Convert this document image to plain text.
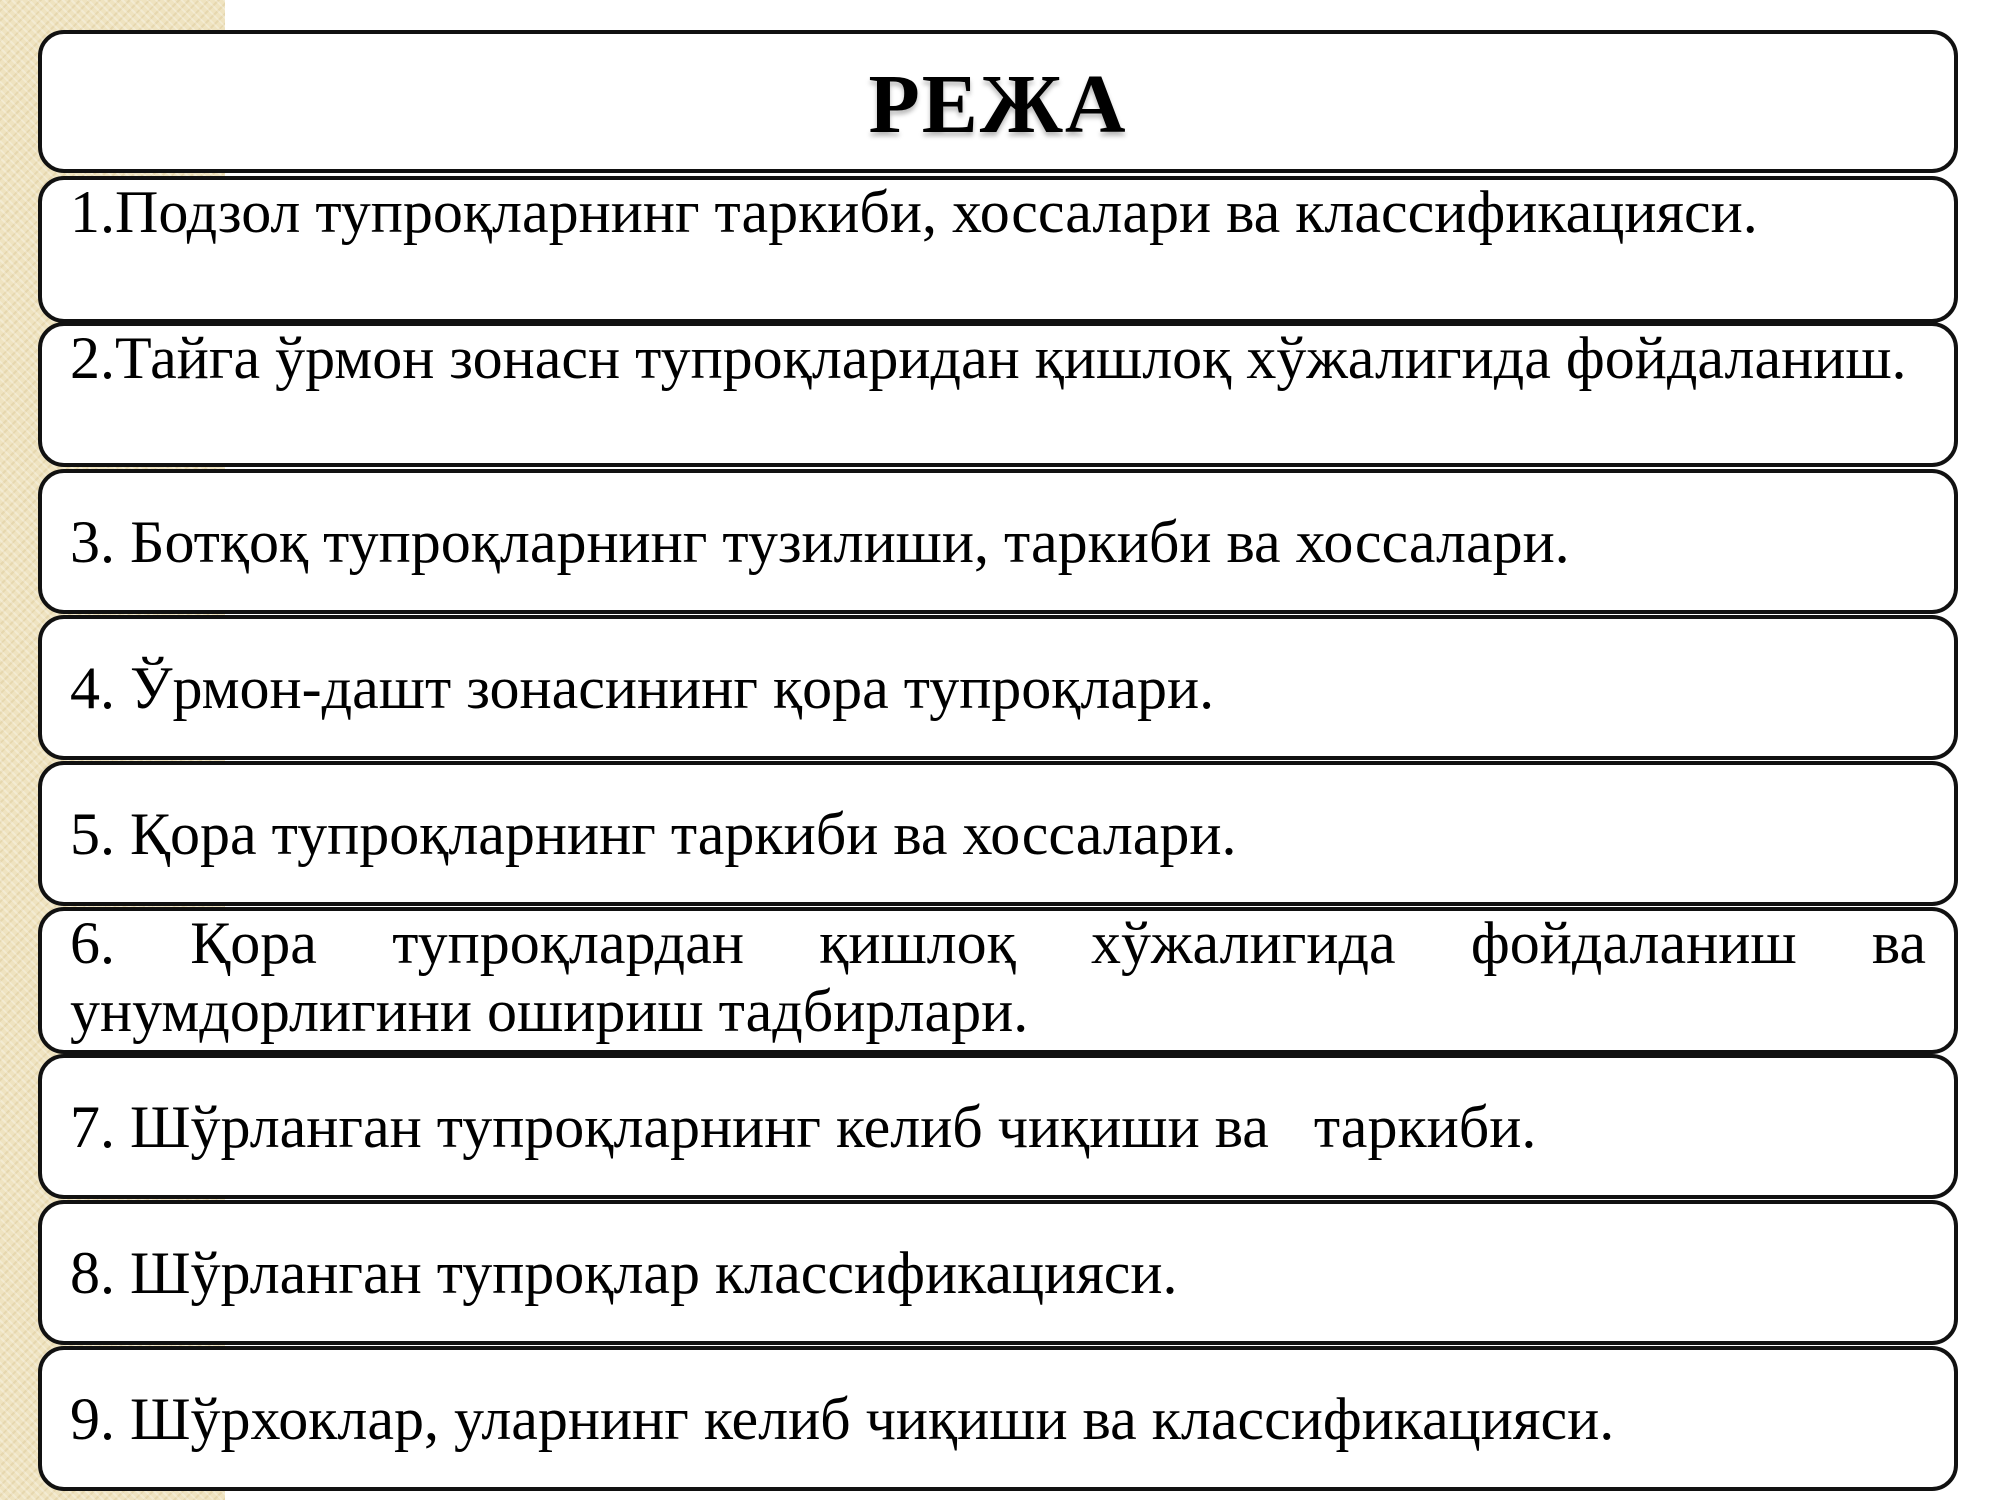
РЕЖА
1.Подзол тупроқларнинг таркиби, хоссалари ва классификацияси.
2.Тайга ўрмон зонасн тупроқларидан қишлоқ хўжалигида фойдаланиш.
3. Ботқоқ тупроқларнинг тузилиши, таркиби ва хоссалари.
4. Ўрмон-дашт зонасининг қора тупроқлари.
5. Қора тупроқларнинг таркиби ва хоссалари.
6. Қора тупроқлардан қишлоқ хўжалигида фойдаланиш ва унумдорлигини ошириш тадбирлари.
7. Шўрланган тупроқларнинг келиб чиқиши ва   таркиби.
8. Шўрланган тупроқлар классификацияси.
9. Шўрхоклар, уларнинг келиб чиқиши ва классификацияси.
